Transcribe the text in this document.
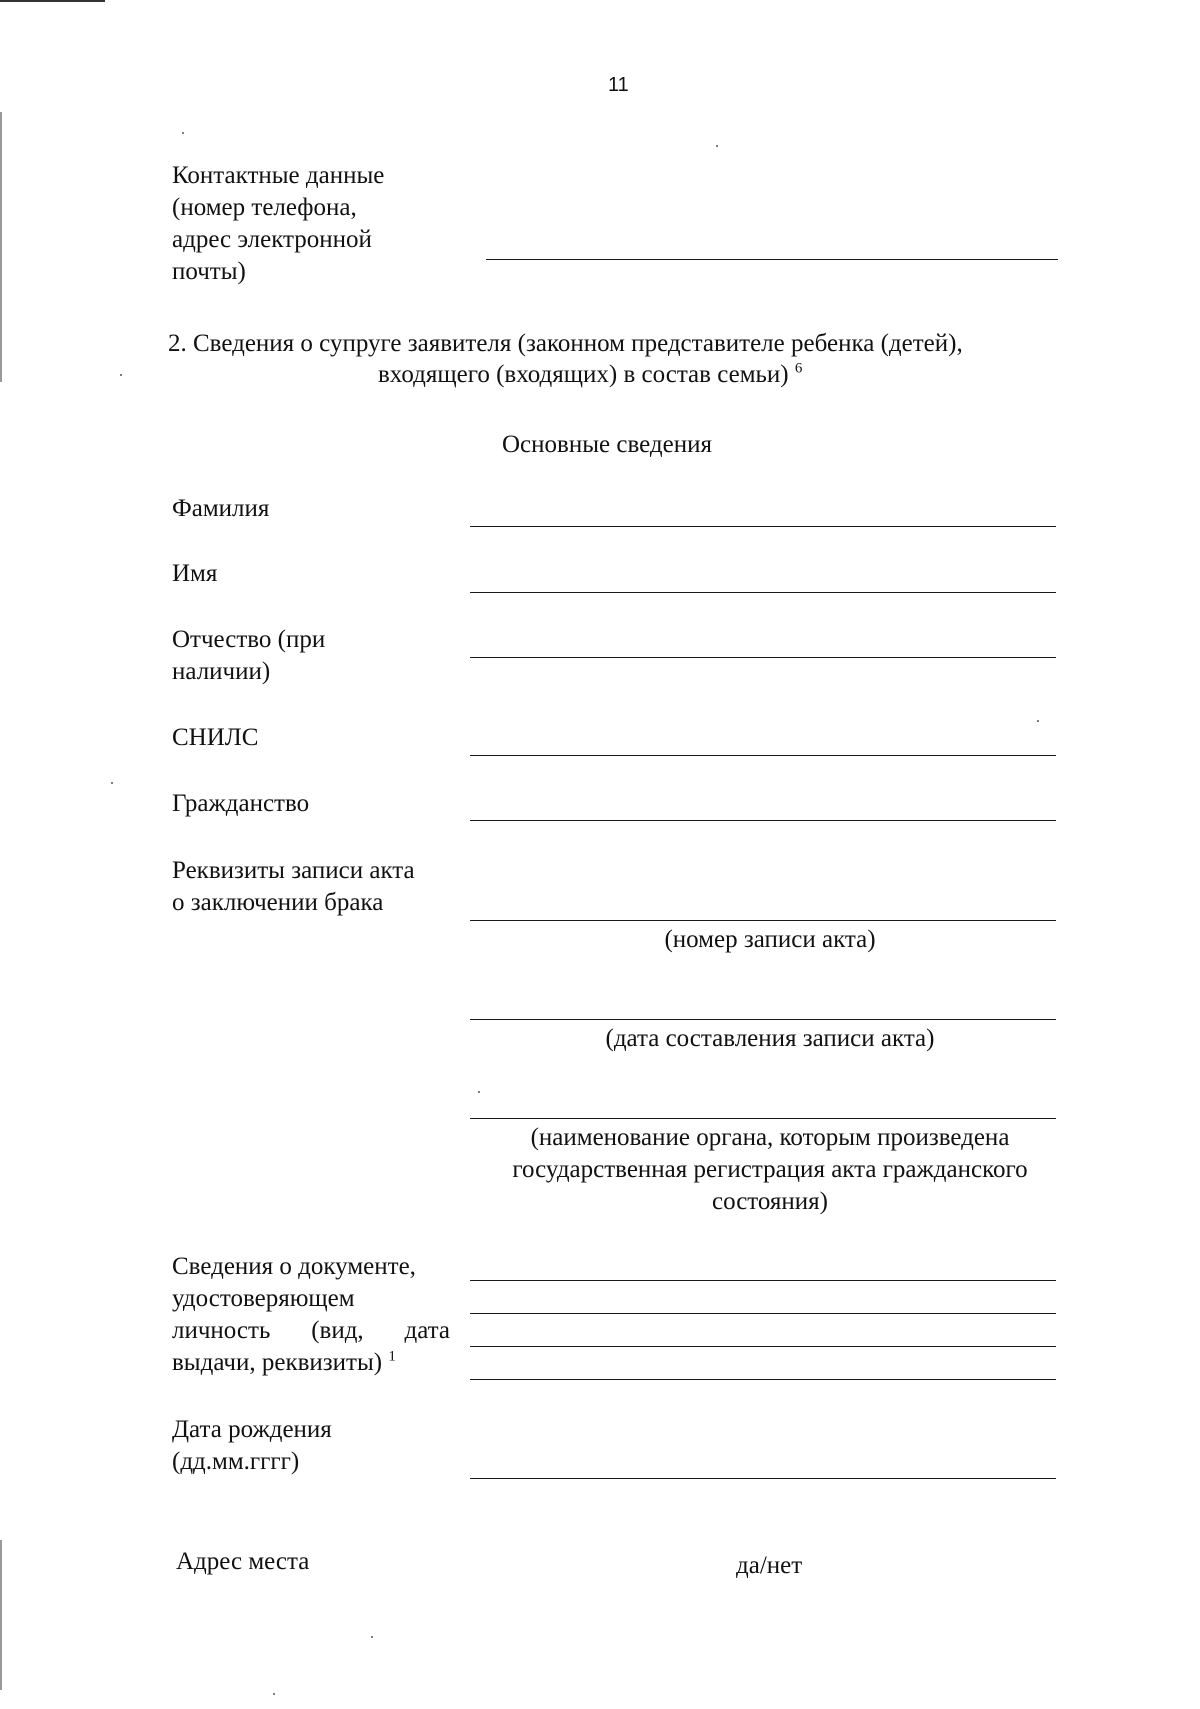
11
Контактные данные
(номер телефона,
адрес электронной
почты)
2. Сведения о супруге заявителя (законном представителе ребенка (детей),
входящего (входящих) в состав семьи) $^6$
Основные сведения
Фамилия
Имя
Отчество (при
наличии)
СНИЛС
Гражданство
Реквизиты записи акта
о заключении брака
(номер записи акта)
(дата составления записи акта)
(наименование органа, которым произведена
государственная регистрация акта гражданского
состояния)
Сведения о документе,
удостоверяющем
личность (вид, дата
выдачи, реквизиты) $^1$
Дата рождения
(дд.мм.гггг)
Адрес места	да/нет
